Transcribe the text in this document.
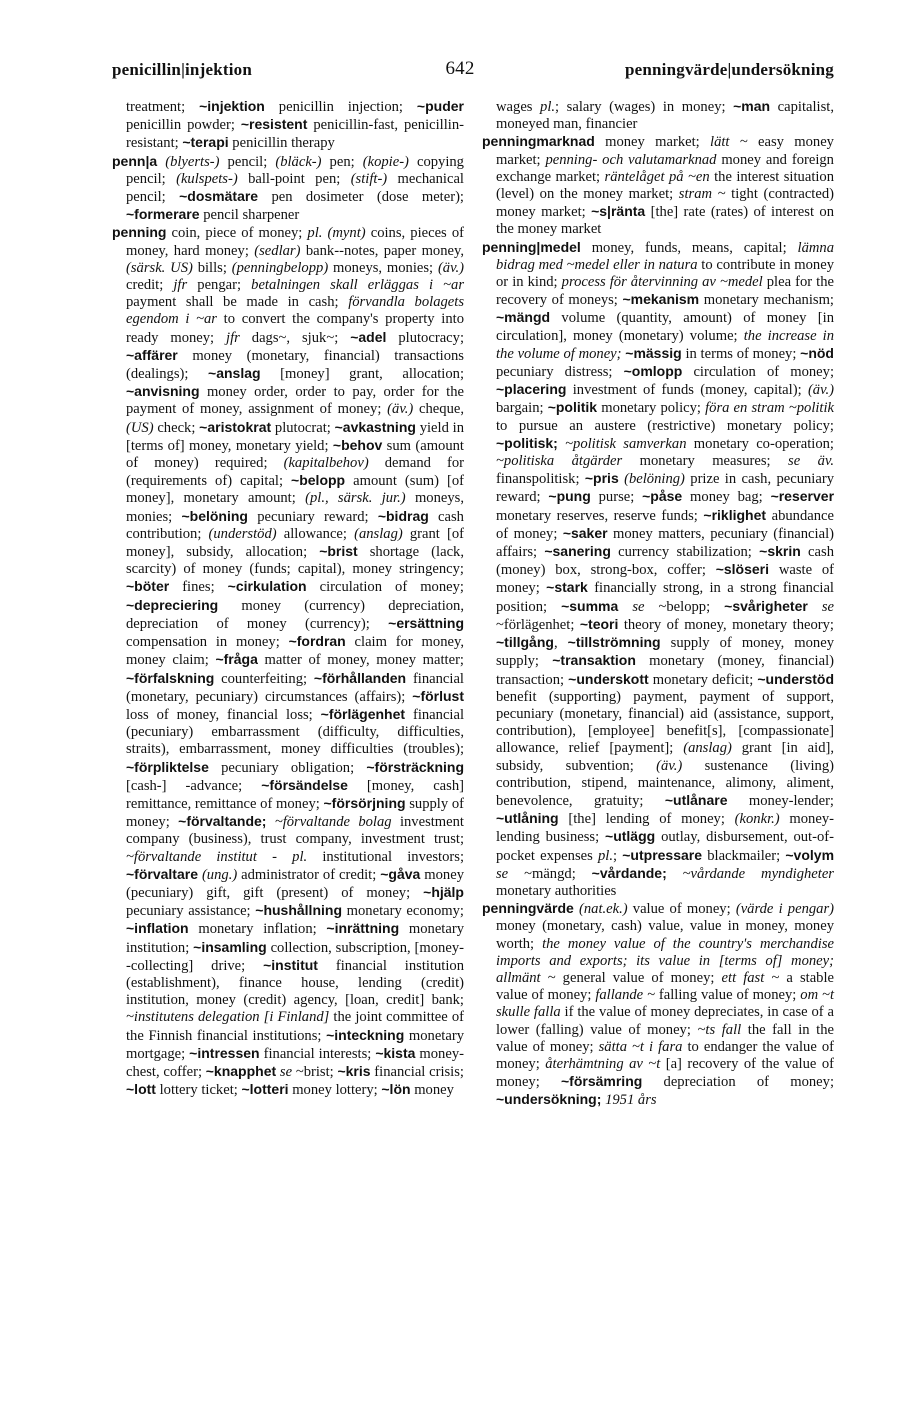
penicillin|injektion	642	penningvärde|undersökning

treatment; ~injektion penicillin injection; ~puder penicillin powder; ~resistent penicillin-fast, penicillin-resistant; ~terapi penicillin therapy

penn|a (blyerts-) pencil; (bläck-) pen; (kopie-) copying pencil; (kulspets-) ball-point pen; (stift-) mechanical pencil; ~dosmätare pen dosimeter (dose meter); ~formerare pencil sharpener

penning coin, piece of money; pl. (mynt) coins, pieces of money, hard money; (sedlar) bank--notes, paper money, (särsk. US) bills; (penningbelopp) moneys, monies; (äv.) credit; jfr pengar; betalningen skall erläggas i ~ar payment shall be made in cash; förvandla bolagets egendom i ~ar to convert the company's property into ready money; jfr dags~, sjuk~; ~adel plutocracy; ~affärer money (monetary, financial) transactions (dealings); ~anslag [money] grant, allocation; ~anvisning money order, order to pay, order for the payment of money, assignment of money; (äv.) cheque, (US) check; ~aristokrat plutocrat; ~avkastning yield in [terms of] money, monetary yield; ~behov sum (amount of money) required; (kapitalbehov) demand for (requirements of) capital; ~belopp amount (sum) [of money], monetary amount; (pl., särsk. jur.) moneys, monies; ~belöning pecuniary reward; ~bidrag cash contribution; (understöd) allowance; (anslag) grant [of money], subsidy, allocation; ~brist shortage (lack, scarcity) of money (funds; capital), money stringency; ~böter fines; ~cirkulation circulation of money; ~depreciering money (currency) depreciation, depreciation of money (currency); ~ersättning compensation in money; ~fordran claim for money, money claim; ~fråga matter of money, money matter; ~förfalskning counterfeiting; ~förhållanden financial (monetary, pecuniary) circumstances (affairs); ~förlust loss of money, financial loss; ~förlägenhet financial (pecuniary) embarrassment (difficulty, difficulties, straits), embarrassment, money difficulties (troubles); ~förpliktelse pecuniary obligation; ~försträckning [cash-] -advance; ~försändelse [money, cash] remittance, remittance of money; ~försörjning supply of money; ~förvaltande; ~förvaltande bolag investment company (business), trust company, investment trust; ~förvaltande institut - pl. institutional investors; ~förvaltare (ung.) administrator of credit; ~gåva money (pecuniary) gift, gift (present) of money; ~hjälp pecuniary assistance; ~hushållning monetary economy; ~inflation monetary inflation; ~inrättning monetary institution; ~insamling collection, subscription, [money--collecting] drive; ~institut financial institution (establishment), finance house, lending (credit) institution, money (credit) agency, [loan, credit] bank; ~institutens delegation [i Finland] the joint committee of the Finnish financial institutions; ~inteckning monetary mortgage; ~intressen financial interests; ~kista money-chest, coffer; ~knapphet se ~brist; ~kris financial crisis; ~lott lottery ticket; ~lotteri money lottery; ~lön money

wages pl.; salary (wages) in money; ~man capitalist, moneyed man, financier

penningmarknad money market; lätt ~ easy money market; penning- och valutamarknad money and foreign exchange market; räntelåget på ~en the interest situation (level) on the money market; stram ~ tight (contracted) money market; ~s|ränta [the] rate (rates) of interest on the money market

penning|medel money, funds, means, capital; lämna bidrag med ~medel eller in natura to contribute in money or in kind; process för återvinning av ~medel plea for the recovery of moneys; ~mekanism monetary mechanism; ~mängd volume (quantity, amount) of money [in circulation], money (monetary) volume; the increase in the volume of money; ~mässig in terms of money; ~nöd pecuniary distress; ~omlopp circulation of money; ~placering investment of funds (money, capital); (äv.) bargain; ~politik monetary policy; föra en stram ~politik to pursue an austere (restrictive) monetary policy; ~politisk; ~politisk samverkan monetary co-operation; ~politiska åtgärder monetary measures; se äv. finanspolitisk; ~pris (belöning) prize in cash, pecuniary reward; ~pung purse; ~påse money bag; ~reserver monetary reserves, reserve funds; ~riklighet abundance of money; ~saker money matters, pecuniary (financial) affairs; ~sanering currency stabilization; ~skrin cash (money) box, strong-box, coffer; ~slöseri waste of money; ~stark financially strong, in a strong financial position; ~summa se ~belopp; ~svårigheter se ~förlägenhet; ~teori theory of money, monetary theory; ~tillgång, ~tillströmning supply of money, money supply; ~transaktion monetary (money, financial) transaction; ~underskott monetary deficit; ~understöd benefit (supporting) payment, payment of support, pecuniary (monetary, financial) aid (assistance, support, contribution), [employee] benefit[s], [compassionate] allowance, relief [payment]; (anslag) grant [in aid], subsidy, subvention; (äv.) sustenance (living) contribution, stipend, maintenance, alimony, aliment, benevolence, gratuity; ~utlånare money-lender; ~utlåning [the] lending of money; (konkr.) money-lending business; ~utlägg outlay, disbursement, out-of-pocket expenses pl.; ~utpressare blackmailer; ~volym se ~mängd; ~vårdande; ~vårdande myndigheter monetary authorities

penningvärde (nat.ek.) value of money; (värde i pengar) money (monetary, cash) value, value in money, money worth; the money value of the country's merchandise imports and exports; its value in [terms of] money; allmänt ~ general value of money; ett fast ~ a stable value of money; fallande ~ falling value of money; om ~t skulle falla if the value of money depreciates, in case of a lower (falling) value of money; ~ts fall the fall in the value of money; sätta ~t i fara to endanger the value of money; återhämtning av ~t [a] recovery of the value of money; ~försämring depreciation of money; ~undersökning; 1951 års
